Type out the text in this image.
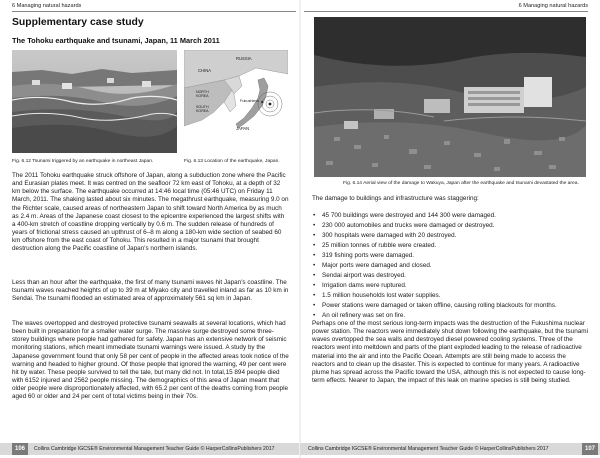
6 Managing natural hazards
Supplementary case study
The Tohoku earthquake and tsunami, Japan, 11 March 2011
RUSSIA
CHINA
NORTH KOREA
SOUTH KOREA
Fukushima
JAPAN
Fig. 6.12 Tsunami triggered by an earthquake in northeast Japan.	Fig. 6.13 Location of the earthquake, Japan.

The 2011 Tohoku earthquake struck offshore of Japan, along a subduction zone where the Pacific and Eurasian plates meet. It was centred on the seafloor 72 km east of Tohoku, at a depth of 32 km below the surface. The earthquake occurred at 14:46 local time (05:46 UTC) on Friday 11 March, 2011. The shaking lasted about six minutes. The megathrust earthquake, measuring 9.0 on the Richter scale, caused areas of northeastern Japan to shift toward North America by as much as 2.4 m. Areas of the Japanese coast closest to the epicentre experienced the largest shifts with a 400-km stretch of coastline dropping vertically by 0.6 m. The sudden release of hundreds of years of frictional stress caused an upthrust of 6–8 m along a 180-km wide section of seabed 60 km offshore from the east coast of Tohoku. This resulted in a major tsunami that brought destruction along the Pacific coastline of Japan's northern islands.

Less than an hour after the earthquake, the first of many tsunami waves hit Japan's coastline. The tsunami waves reached heights of up to 39 m at Miyako city and travelled inland as far as 10 km in Sendai. The tsunami flooded an estimated area of approximately 561 sq km in Japan.

The waves overtopped and destroyed protective tsunami seawalls at several locations, which had been built in preparation for a smaller water surge. The massive surge destroyed some three-storey buildings where people had gathered for safety. Japan has an extensive network of seismic monitoring stations, which meant immediate tsunami warnings were issued. A study by the Japanese government found that only 58 per cent of people in the affected areas took notice of the warning and headed to higher ground. Of those people that ignored the warning, 49 per cent were hit by water. These people survived to tell the tale, but many did not. In total,15 894 people died with 6152 injured and 2562 people missing. The demographics of this area of Japan meant that older people were disproportionately affected, with 65.2 per cent of the deaths coming from people aged 60 or older and 24 per cent of total victims being in their 70s.

106	Collins Cambridge IGCSE® Environmental Management Teacher Guide © HarperCollinsPublishers 2017
6 Managing natural hazards
Fig. 6.14 Aerial view of the damage to Wakuya, Japan after the earthquake and tsunami devastated the area.

The damage to buildings and infrastructure was staggering:

• 45 700 buildings were destroyed and 144 300 were damaged.
• 230 000 automobiles and trucks were damaged or destroyed.
• 300 hospitals were damaged with 20 destroyed.
• 25 million tonnes of rubble were created.
• 319 fishing ports were damaged.
• Major ports were damaged and closed.
• Sendai airport was destroyed.
• Irrigation dams were ruptured.
• 1.5 million households lost water supplies.
• Power stations were damaged or taken offline, causing rolling blackouts for months.
• An oil refinery was set on fire.

Perhaps one of the most serious long-term impacts was the destruction of the Fukushima nuclear power station. The reactors were immediately shut down following the earthquake, but the tsunami waves overtopped the sea walls and destroyed diesel powered cooling systems. Three of the reactors went into meltdown and parts of the plant exploded leading to the release of radioactive material into the air and into the Pacific Ocean. Attempts are still being made to access the reactors and to clean up the disaster. This is expected to continue for many years. A radioactive plume has spread across the Pacific toward the USA, although this is not expected to cause long-term effects. Nearer to Japan, the impact of this leak on marine species is still being studied.

Collins Cambridge IGCSE® Environmental Management Teacher Guide © HarperCollinsPublishers 2017	107
